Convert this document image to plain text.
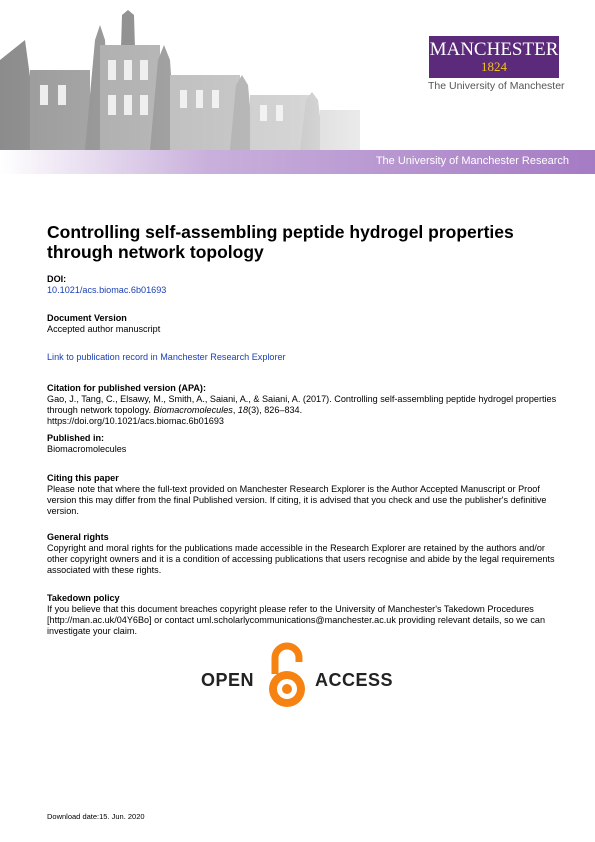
MANCHESTER
1824
The University of Manchester
The University of Manchester Research
Controlling self-assembling peptide hydrogel properties through network topology
DOI:
10.1021/acs.biomac.6b01693
Document Version
Accepted author manuscript
Link to publication record in Manchester Research Explorer
Citation for published version (APA):
Gao, J., Tang, C., Elsawy, M., Smith, A., Saiani, A., & Saiani, A. (2017). Controlling self-assembling peptide hydrogel properties through network topology. Biomacromolecules, 18(3), 826–834.
https://doi.org/10.1021/acs.biomac.6b01693
Published in:
Biomacromolecules
Citing this paper
Please note that where the full-text provided on Manchester Research Explorer is the Author Accepted Manuscript or Proof version this may differ from the final Published version. If citing, it is advised that you check and use the publisher's definitive version.
General rights
Copyright and moral rights for the publications made accessible in the Research Explorer are retained by the authors and/or other copyright owners and it is a condition of accessing publications that users recognise and abide by the legal requirements associated with these rights.
Takedown policy
If you believe that this document breaches copyright please refer to the University of Manchester's Takedown Procedures [http://man.ac.uk/04Y6Bo] or contact uml.scholarlycommunications@manchester.ac.uk providing relevant details, so we can investigate your claim.
OPEN	ACCESS
Download date:15. Jun. 2020
